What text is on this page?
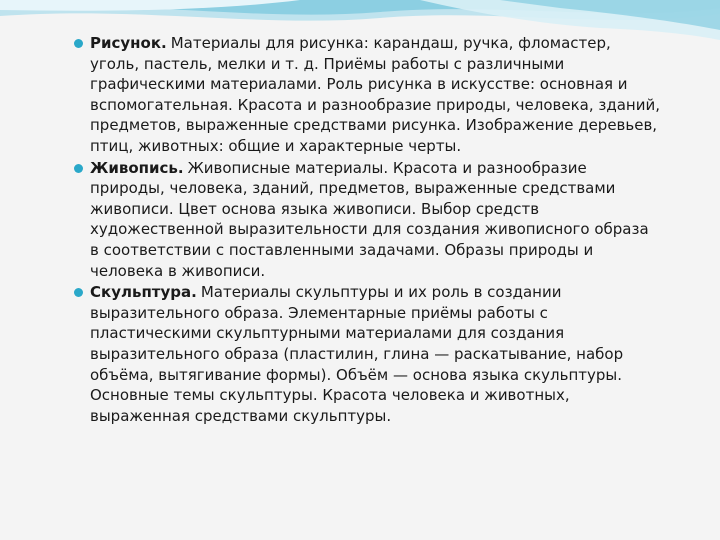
Рисунок. Материалы для рисунка: карандаш, ручка, фломастер, уголь, пастель, мелки и т. д. Приёмы работы с различными графическими материалами. Роль рисунка в искусстве: основная и вспомогательная. Красота и разнообразие природы, человека, зданий, предметов, выраженные средствами рисунка. Изображение деревьев, птиц, животных: общие и характерные черты.
Живопись. Живописные материалы. Красота и разнообразие природы, человека, зданий, предметов, выраженные средствами живописи. Цвет основа языка живописи. Выбор средств художественной выразительности для создания живописного образа в соответствии с поставленными задачами. Образы природы и человека в живописи.
Скульптура. Материалы скульптуры и их роль в создании выразительного образа. Элементарные приёмы работы с пластическими скульптурными материалами для создания выразительного образа (пластилин, глина — раскатывание, набор объёма, вытягивание формы). Объём — основа языка скульптуры. Основные темы скульптуры. Красота человека и животных, выраженная средствами скульптуры.
